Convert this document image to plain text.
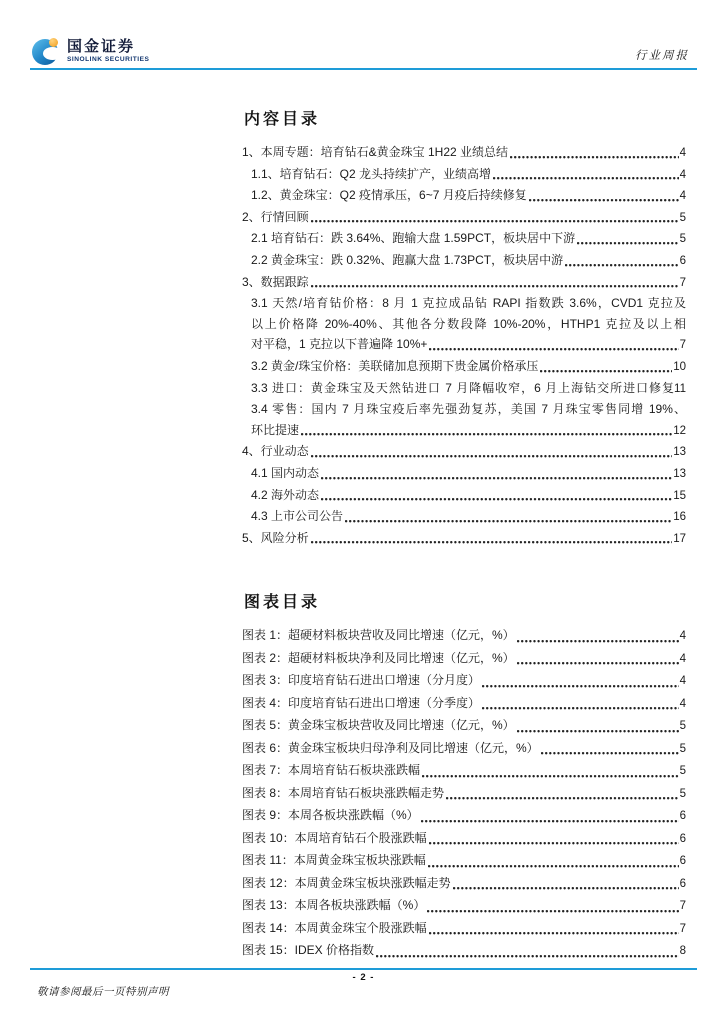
国金证券
SINOLINK SECURITIES	行业周报
内容目录
1、本周专题：培育钻石&黄金珠宝 1H22 业绩总结	4
1.1、培育钻石：Q2 龙头持续扩产，业绩高增	4
1.2、黄金珠宝：Q2 疫情承压，6~7 月疫后持续修复	4
2、行情回顾	5
2.1 培育钻石：跌 3.64%、跑输大盘 1.59PCT，板块居中下游	5
2.2 黄金珠宝：跌 0.32%、跑赢大盘 1.73PCT，板块居中游	6
3、数据跟踪	7
3.1 天然/培育钻价格：8 月 1 克拉成品钻 RAPI 指数跌 3.6%，CVD1 克拉及
以上价格降 20%-40%、其他各分数段降 10%-20%，HTHP1 克拉及以上相
对平稳，1 克拉以下普遍降 10%+	7
3.2 黄金/珠宝价格：美联储加息预期下贵金属价格承压	10
3.3 进口：黄金珠宝及天然钻进口 7 月降幅收窄，6 月上海钻交所进口修复 11
3.4 零售：国内 7 月珠宝疫后率先强劲复苏，美国 7 月珠宝零售同增 19%、
环比提速	12
4、行业动态	13
4.1 国内动态	13
4.2 海外动态	15
4.3 上市公司公告	16
5、风险分析	17
图表目录
图表 1：超硬材料板块营收及同比增速（亿元，%）	4
图表 2：超硬材料板块净利及同比增速（亿元，%）	4
图表 3：印度培育钻石进出口增速（分月度）	4
图表 4：印度培育钻石进出口增速（分季度）	4
图表 5：黄金珠宝板块营收及同比增速（亿元，%）	5
图表 6：黄金珠宝板块归母净利及同比增速（亿元，%）	5
图表 7：本周培育钻石板块涨跌幅	5
图表 8：本周培育钻石板块涨跌幅走势	5
图表 9：本周各板块涨跌幅（%）	6
图表 10：本周培育钻石个股涨跌幅	6
图表 11：本周黄金珠宝板块涨跌幅	6
图表 12：本周黄金珠宝板块涨跌幅走势	6
图表 13：本周各板块涨跌幅（%）	7
图表 14：本周黄金珠宝个股涨跌幅	7
图表 15：IDEX 价格指数	8
- 2 -
敬请参阅最后一页特别声明
